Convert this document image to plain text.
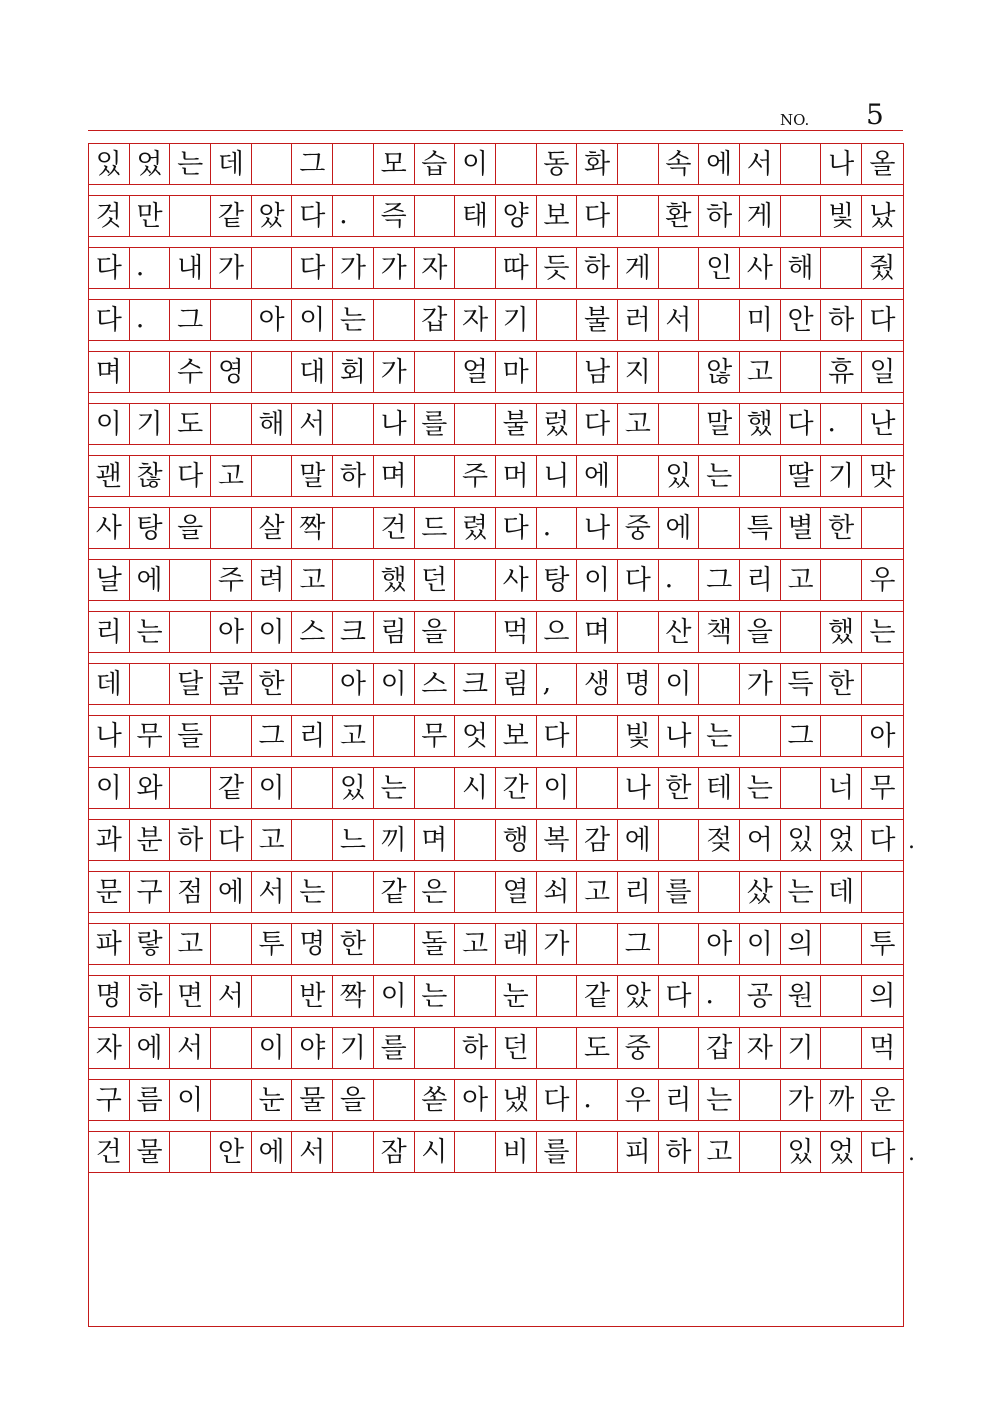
NO. 5
있 었 는 데 그 모 습 이 동 화 속 에 서 나 올
것 만 같 았 다 .	즉 태 양 보 다 환 하 게 빛 났
다 .	내 가 다 가 가 자 따 듯 하 게 인 사 해 줬
다 .	그 아 이 는 갑 자 기 불 러 서 미 안 하 다
며 수 영 대 회 가 얼 마 남 지 않 고 휴 일
이 기 도 해 서 나 를 불 렀 다 고 말 했 다 .	난
괜 찮 다 고 말 하 며 주 머 니 에 있 는 딸 기 맛
사 탕 을 살 짝 건 드 렸 다 .	나 중 에 특 별 한
날 에 주 려 고 했 던 사 탕 이 다 .	그 리 고 우
리 는 아 이 스 크 림 을 먹 으 며 산 책 을 했 는
데 달 콤 한 아 이 스 크 림 ,	생 명 이 가 득 한
나 무 들 그 리 고 무 엇 보 다 빛 나 는 그 아
이 와 같 이 있 는 시 간 이 나 한 테 는 너 무
과 분 하 다 고 느 끼 며 행 복 감 에 젖 어 있 었 다
문 구 점 에 서 는 같 은 열 쇠 고 리 를 샀 는 데
파 랗 고 투 명 한 돌 고 래 가 그 아 이 의 투
명 하 면 서 반 짝 이 는 눈 같 았 다 .	공 원 의
자 에 서 이 야 기 를 하 던 도 중 갑 자 기 먹
구 름 이 눈 물 을 쏟 아 냈 다 .	우 리 는 가 까 운
건 물 안 에 서 잠 시 비 를 피 하 고 있 었 다
.
.
